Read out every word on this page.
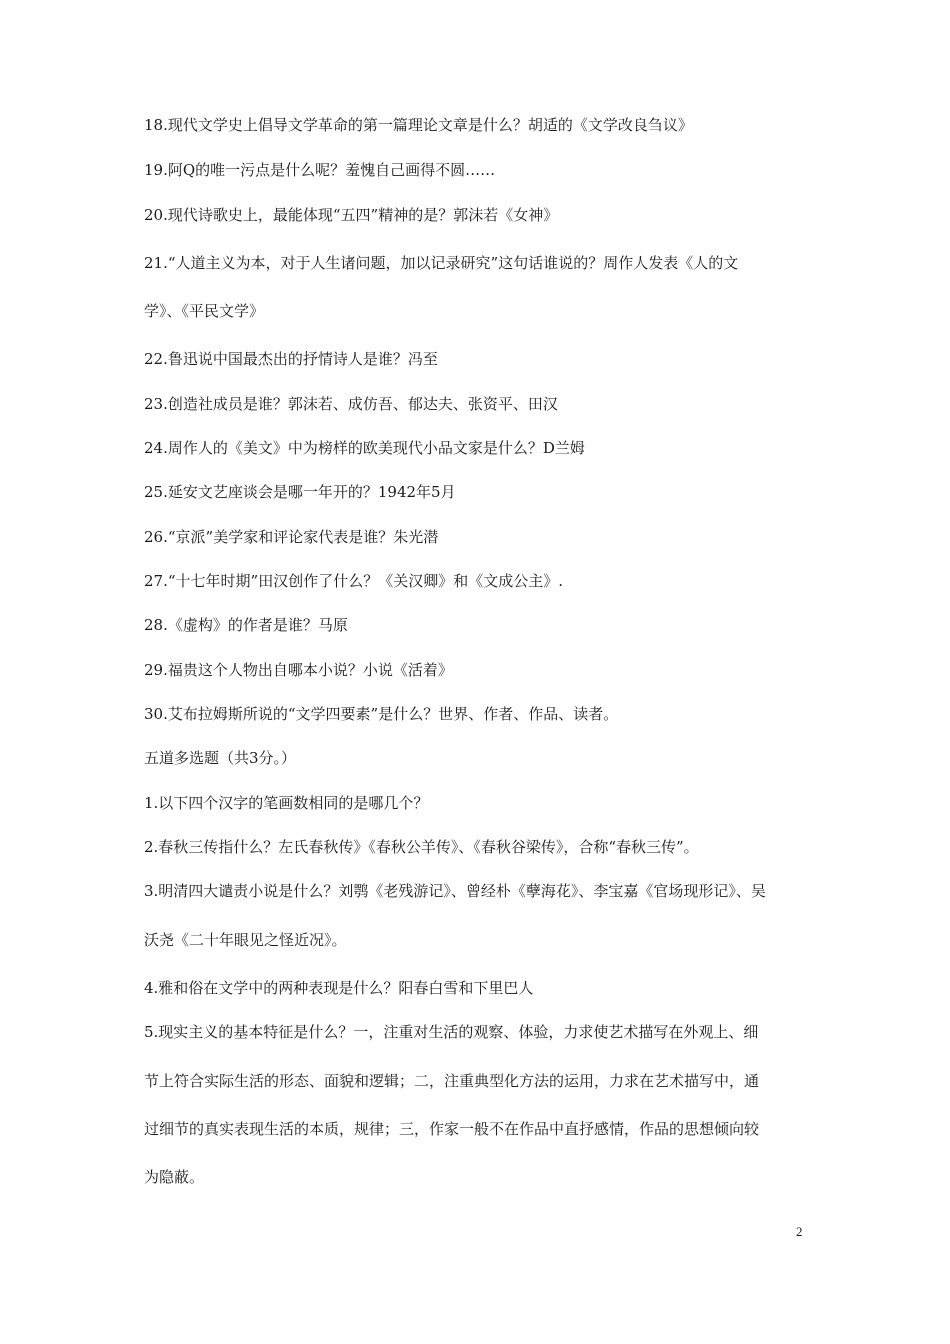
18.现代文学史上倡导文学革命的第一篇理论文章是什么？胡适的《文学改良刍议》

19.阿Q的唯一污点是什么呢？羞愧自己画得不圆……

20.现代诗歌史上，最能体现“五四”精神的是？郭沫若《女神》

21.“人道主义为本，对于人生诸问题，加以记录研究”这句话谁说的？周作人发表《人的文

学》、《平民文学》

22.鲁迅说中国最杰出的抒情诗人是谁？冯至

23.创造社成员是谁？郭沫若、成仿吾、郁达夫、张资平、田汉

24.周作人的《美文》中为榜样的欧美现代小品文家是什么？D兰姆

25.延安文艺座谈会是哪一年开的？1942年5月

26.“京派”美学家和评论家代表是谁？朱光潜

27.“十七年时期”田汉创作了什么？《关汉卿》和《文成公主》.

28.《虚构》的作者是谁？马原

29.福贵这个人物出自哪本小说？小说《活着》

30.艾布拉姆斯所说的“文学四要素”是什么？世界、作者、作品、读者。

五道多选题（共3分。）

1.以下四个汉字的笔画数相同的是哪几个？

2.春秋三传指什么？左氏春秋传》《春秋公羊传》、《春秋谷梁传》，合称“春秋三传”。

3.明清四大谴责小说是什么？刘鹗《老残游记》、曾经朴《孽海花》、李宝嘉《官场现形记》、吴

沃尧《二十年眼见之怪近况》。

4.雅和俗在文学中的两种表现是什么？阳春白雪和下里巴人

5.现实主义的基本特征是什么？一，注重对生活的观察、体验，力求使艺术描写在外观上、细

节上符合实际生活的形态、面貌和逻辑；二，注重典型化方法的运用，力求在艺术描写中，通

过细节的真实表现生活的本质，规律；三，作家一般不在作品中直抒感情，作品的思想倾向较

为隐蔽。

2
